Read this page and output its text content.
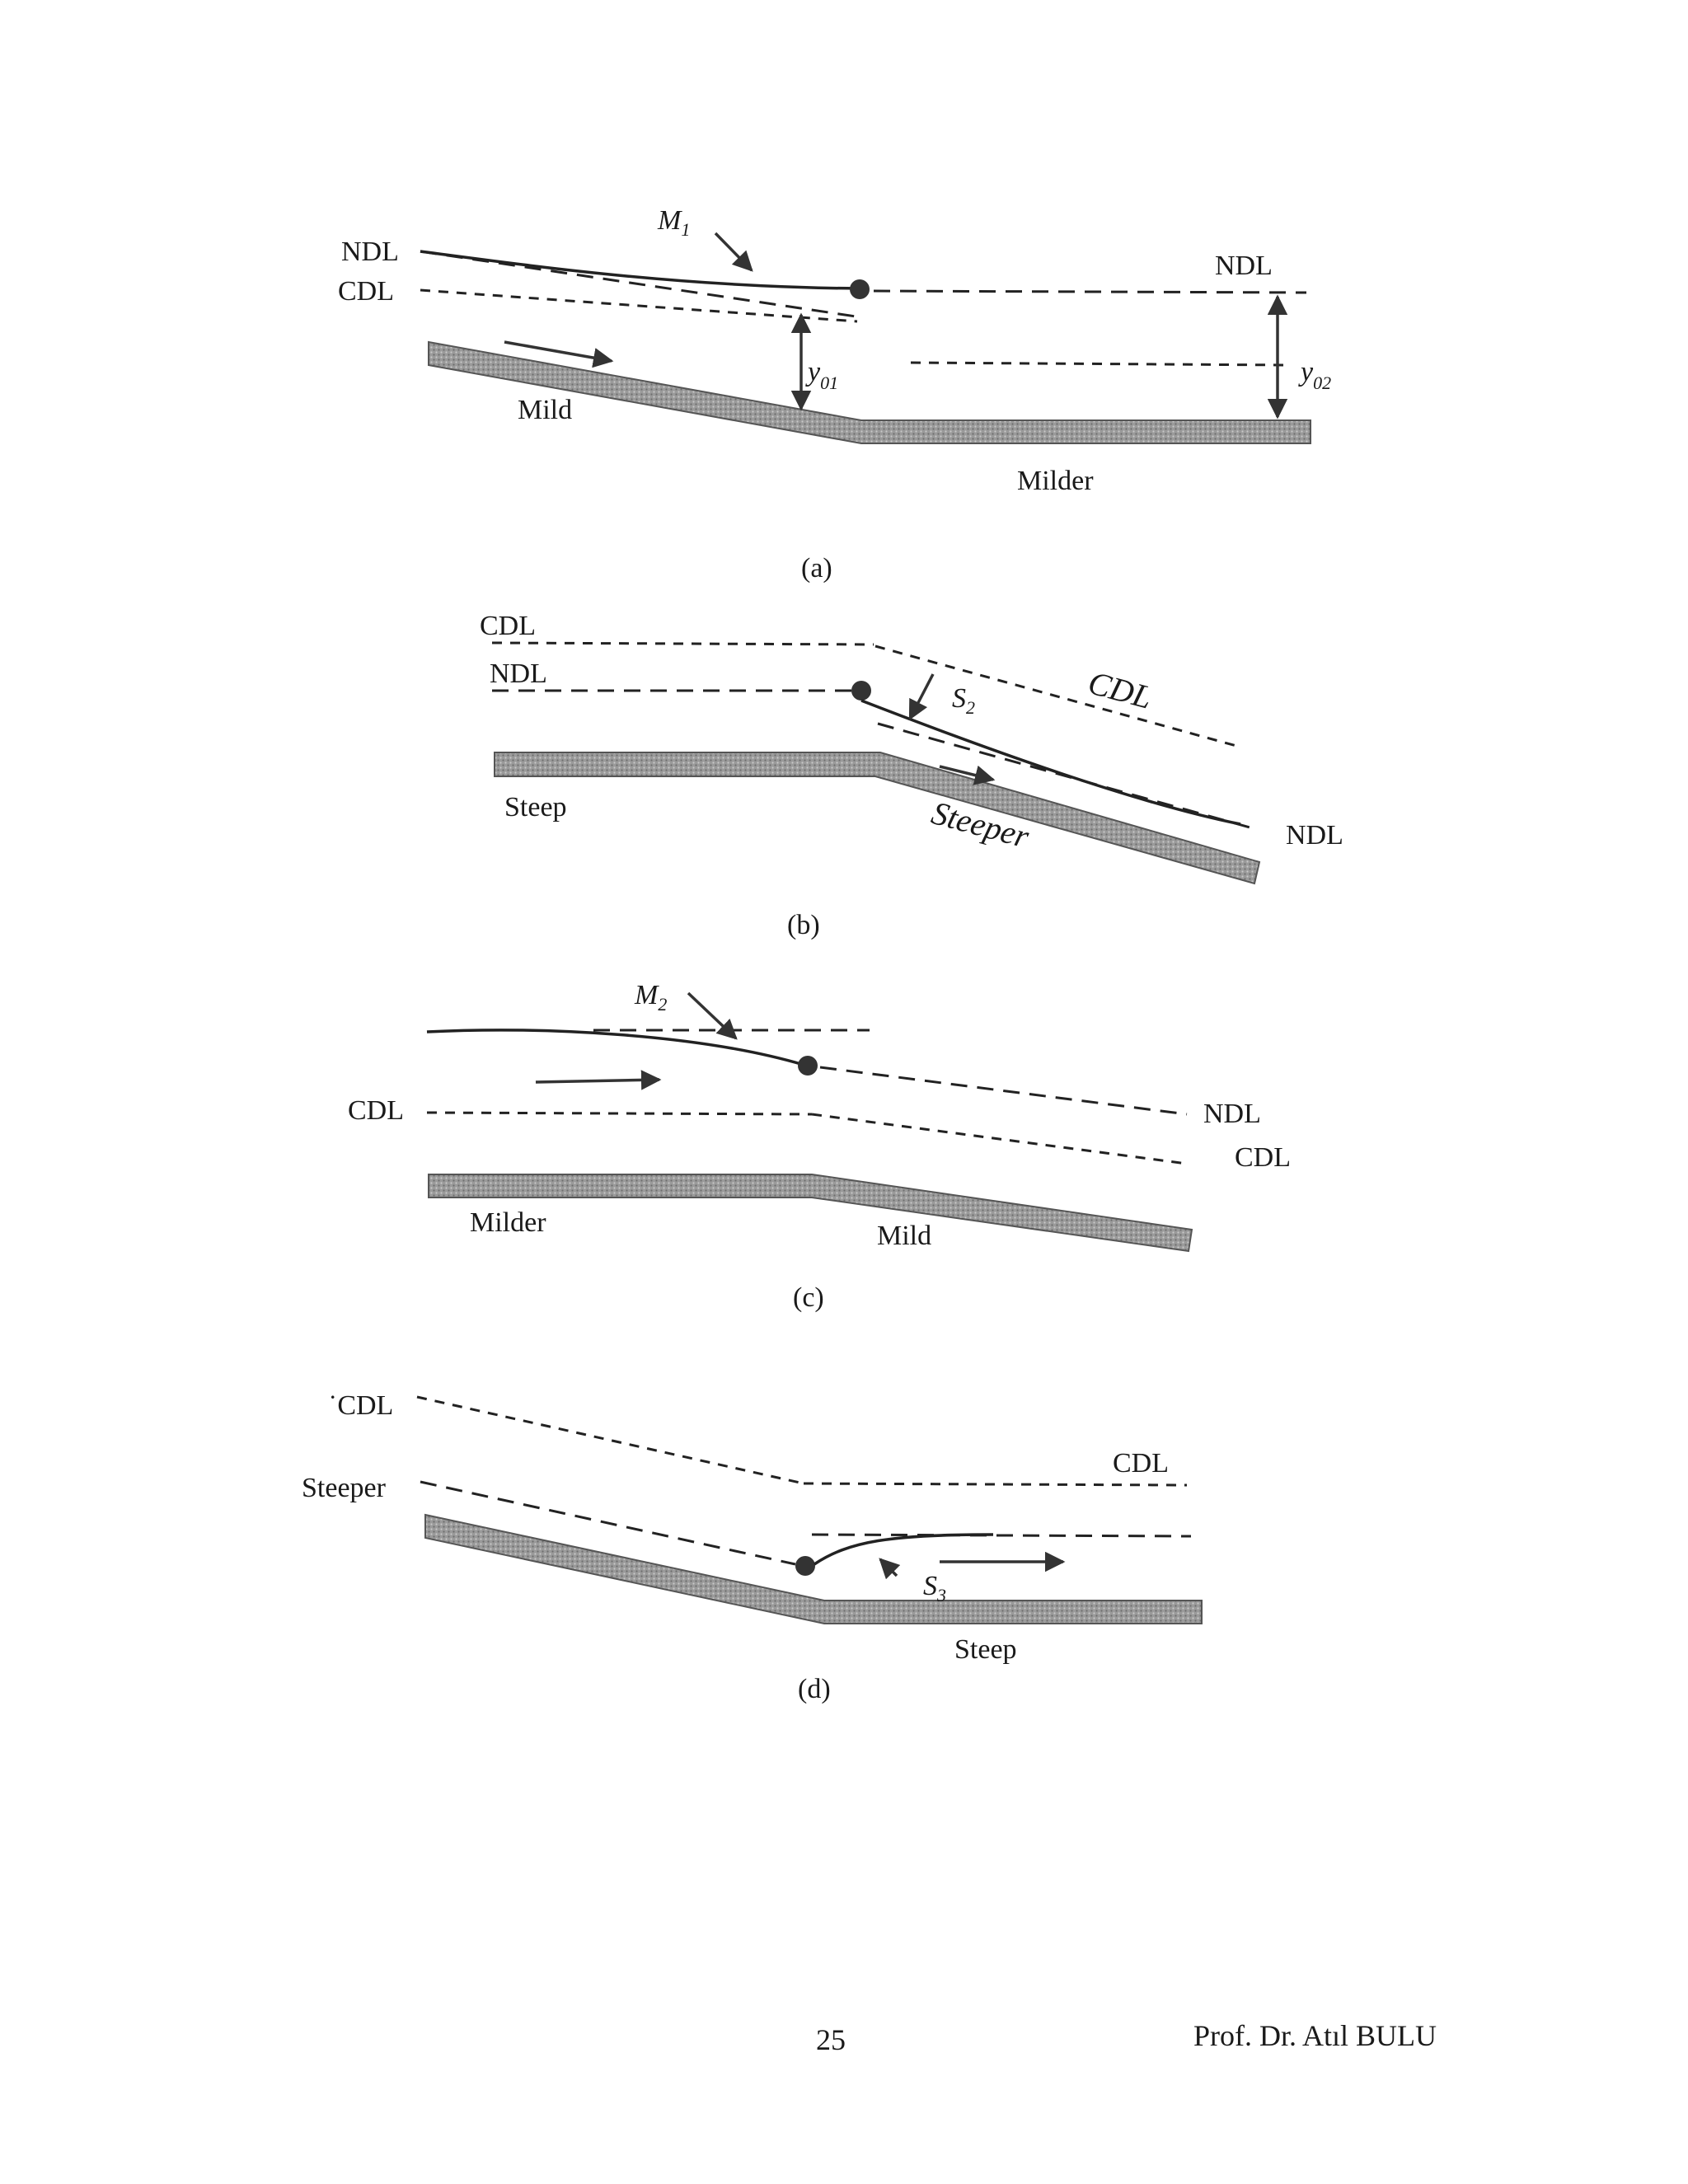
NDL
CDL
$M_1$
NDL
$y_{01}$	$y_{02}$
Mild
Milder
(a)
CDL
NDL
$S_2$	CDL
NDL
Steep	Steeper
(b)
$M_2$
CDL	NDL
CDL
Milder	Mild
(c)
˙CDL
Steeper
CDL
$S_3$
Steep
(d)
25	Prof. Dr. Atıl BULU
